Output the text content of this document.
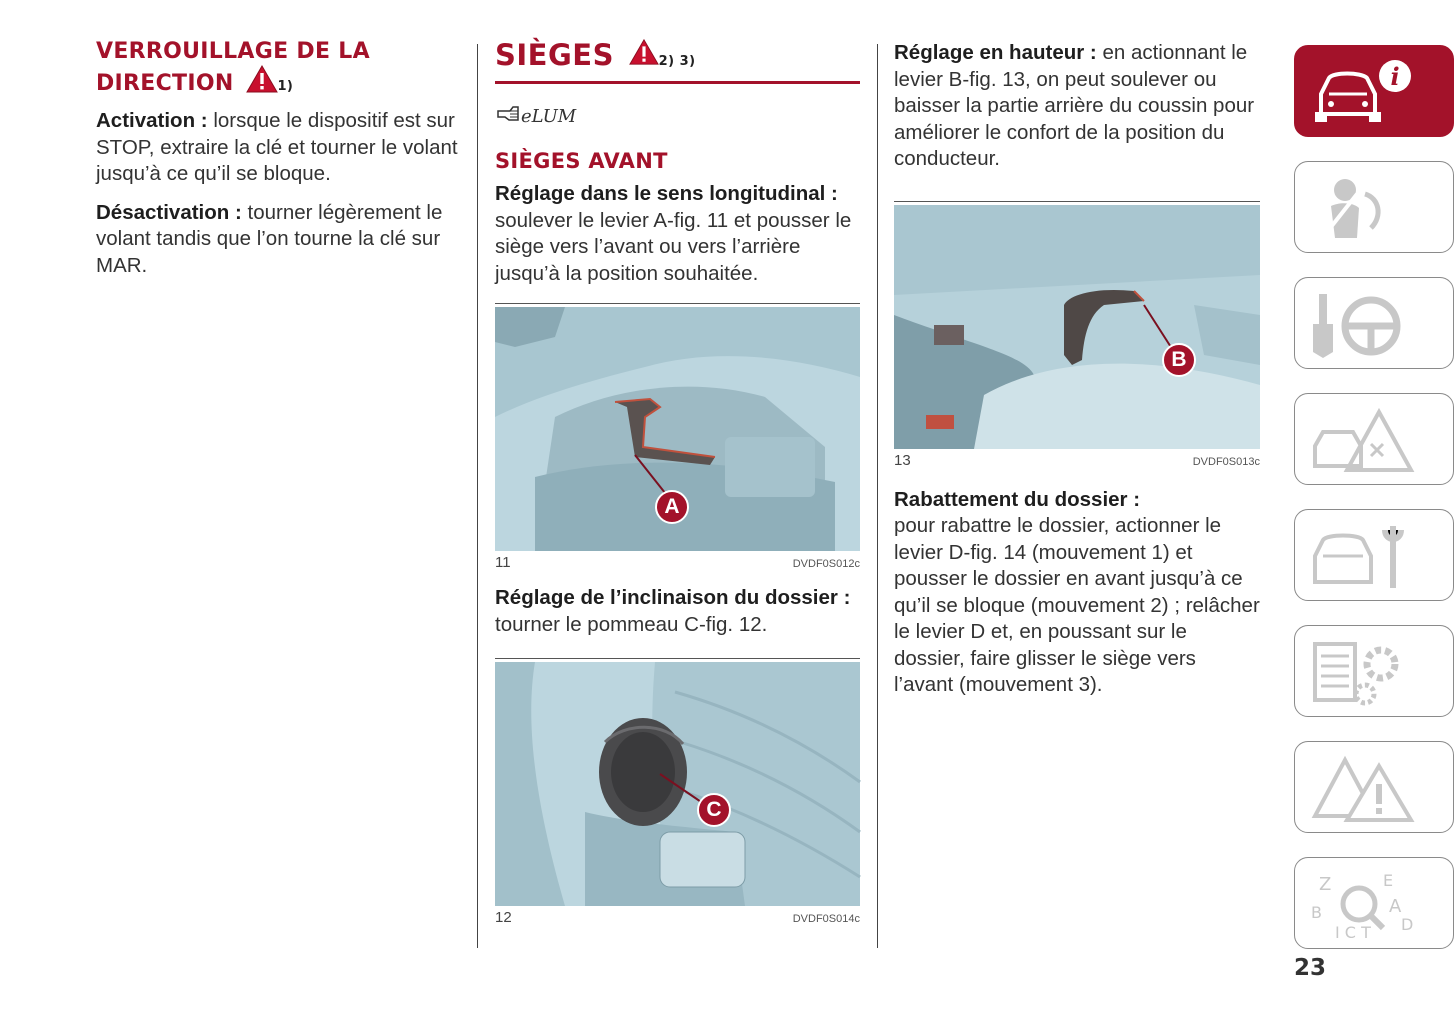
VERROUILLAGE DE LA
DIRECTION	1)

Activation : lorsque le dispositif est sur STOP, extraire la clé et tourner le volant jusqu’à ce qu’il se bloque.

Désactivation : tourner légèrement le volant tandis que l’on tourne la clé sur MAR.

SIÈGES	2) 3)
eLUM
SIÈGES AVANT

Réglage dans le sens longitudinal : soulever le levier A-fig. 11 et pousser le siège vers l’avant ou vers l’arrière jusqu’à la position souhaitée.

A
11	DVDF0S012c

Réglage de l’inclinaison du dossier :
tourner le pommeau C-fig. 12.

C
12	DVDF0S014c

Réglage en hauteur : en actionnant le levier B-fig. 13, on peut soulever ou baisser la partie arrière du coussin pour améliorer le confort de la position du conducteur.

B
13	DVDF0S013c

Rabattement du dossier :
pour rabattre le dossier, actionner le levier D-fig. 14 (mouvement 1) et pousser le dossier en avant jusqu’à ce qu’il se bloque (mouvement 2) ; relâcher le levier D et, en poussant sur le dossier, faire glisser le siège vers l’avant (mouvement 3).

i
Z	E
B	A
D
I C T
23
